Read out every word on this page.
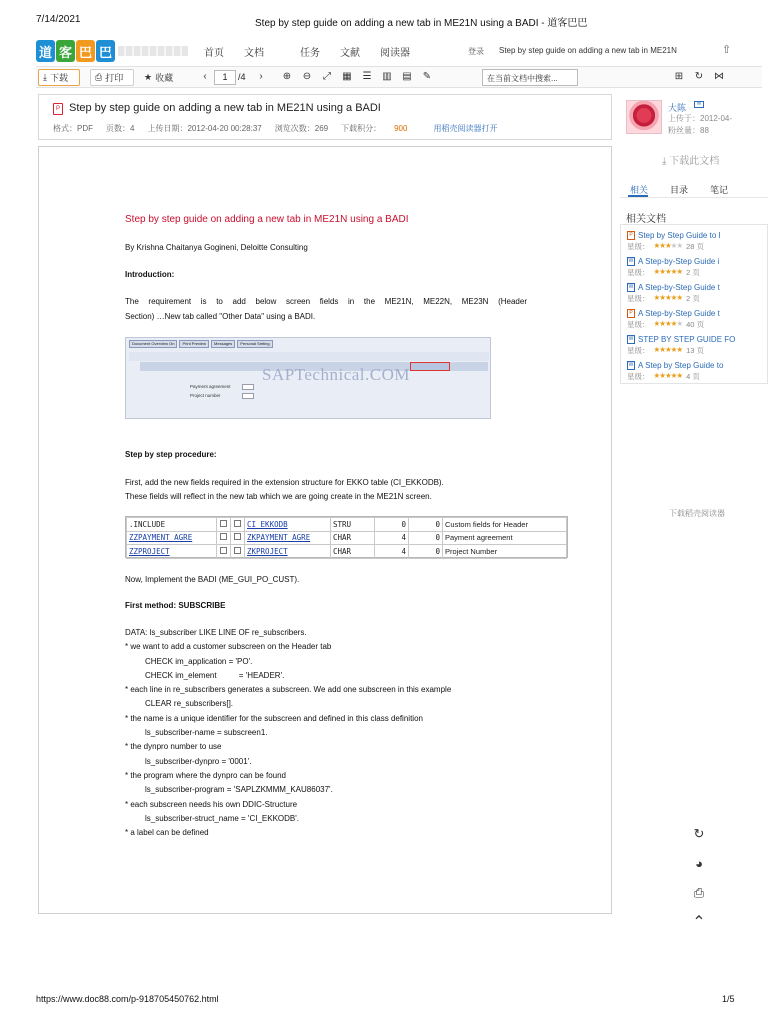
7/14/2021	Step by step guide on adding a new tab in ME21N using a BADI - 道客巴巴
道 客 巴 巴	首页 文档	任务 文献 阅读器	登录 Step by step guide on adding a new tab in ME21N	⇧
⤓ 下载	⎙ 打印 ★ 收藏	‹	1	/4	›	⊕ ⊖	⤢	▦ ☰ ▥ ▤ ✎	在当前文档中搜索...	⊞ ↻ ⋈
P Step by step guide on adding a new tab in ME21N using a BADI
格式：PDF 页数：4 上传日期：2012-04-20 00:28:37 浏览次数：269 下载积分： 900	用稻壳阅读器打开
Step by step guide on adding a new tab in ME21N using a BADI
By Krishna Chaitanya Gogineni, Deloitte Consulting
Introduction:
The requirement is to add below screen fields in the ME21N, ME22N, ME23N (Header
Section) …New tab called "Other Data" using a BADI.
Document Overview On	Print Preview	Messages	Personal Setting
SAPTechnical.COM
Payment agreement
Project number
Step by step procedure:
First, add the new fields required in the extension structure for EKKO table (CI_EKKODB).
These fields will reflect in the new tab which we are going create in the ME21N screen.
.INCLUDE			CI_EKKODB	STRU	0	0	Custom fields for Header
ZZPAYMENT_AGRE			ZKPAYMENT_AGRE	CHAR	4	0	Payment agreement
ZZPROJECT			ZKPROJECT	CHAR	4	0	Project Number
Now, Implement the BADI (ME_GUI_PO_CUST).
First method: SUBSCRIBE
DATA: ls_subscriber LIKE LINE OF re_subscribers.
* we want to add a customer subscreen on the Header tab
CHECK im_application = 'PO'.
CHECK im_element          = 'HEADER'.
* each line in re_subscribers generates a subscreen. We add one subscreen in this example
CLEAR re_subscribers[].
* the name is a unique identifier for the subscreen and defined in this class definition
ls_subscriber-name = subscreen1.
* the dynpro number to use
ls_subscriber-dynpro = '0001'.
* the program where the dynpro can be found
ls_subscriber-program = 'SAPLZKMMM_KAU86037'.
* each subscreen needs his own DDIC-Structure
ls_subscriber-struct_name = 'CI_EKKODB'.
* a label can be defined
大陈	✉
上传于：2012-04-
粉丝量：88
⤓ 下载此文档
相关 目录 笔记
相关文档
P Step by Step Guide to I
星级： ★★★★★ 28 页
W A Step-by-Step Guide i
星级： ★★★★★ 2 页
W A Step-by-Step Guide t
星级： ★★★★★ 2 页
P A Step-by-Step Guide t
星级： ★★★★★ 40 页
W STEP BY STEP GUIDE FO
星级： ★★★★★ 13 页
W A Step by Step Guide to
星级： ★★★★★ 4 页
下载稻壳阅读器
↻
◕
⎙
⌃
https://www.doc88.com/p-918705450762.html	1/5
